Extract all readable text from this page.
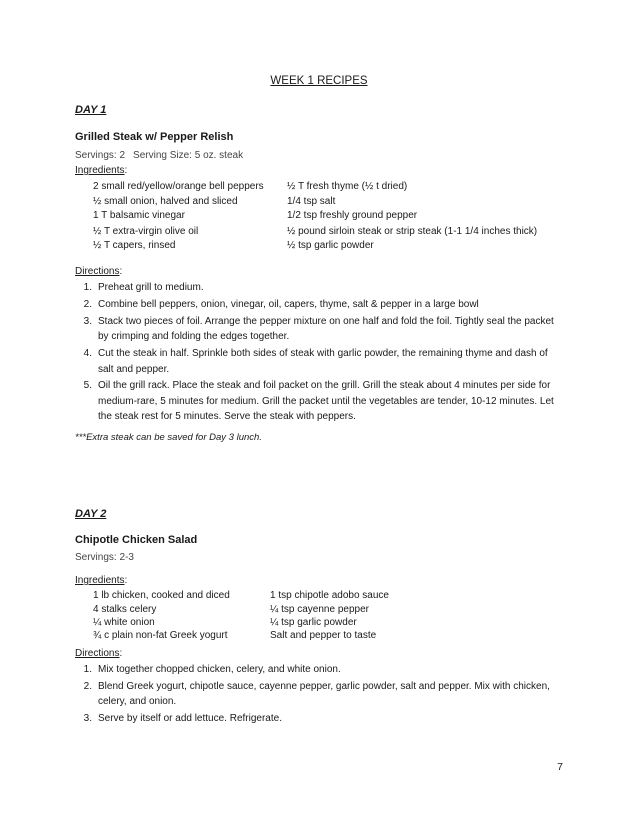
WEEK 1 RECIPES
DAY 1
Grilled Steak w/ Pepper Relish
Servings: 2 Serving Size: 5 oz. steak
Ingredients:
2 small red/yellow/orange bell peppers
½ small onion, halved and sliced
1 T balsamic vinegar
½ T extra-virgin olive oil
½ T capers, rinsed
½ T fresh thyme (½ t dried)
1/4 tsp salt
1/2 tsp freshly ground pepper
½ pound sirloin steak or strip steak (1-1 1/4 inches thick)
½ tsp garlic powder
Directions:
1. Preheat grill to medium.
2. Combine bell peppers, onion, vinegar, oil, capers, thyme, salt & pepper in a large bowl
3. Stack two pieces of foil. Arrange the pepper mixture on one half and fold the foil. Tightly seal the packet by crimping and folding the edges together.
4. Cut the steak in half. Sprinkle both sides of steak with garlic powder, the remaining thyme and dash of salt and pepper.
5. Oil the grill rack. Place the steak and foil packet on the grill. Grill the steak about 4 minutes per side for medium-rare, 5 minutes for medium. Grill the packet until the vegetables are tender, 10-12 minutes. Let the steak rest for 5 minutes. Serve the steak with peppers.
***Extra steak can be saved for Day 3 lunch.
DAY 2
Chipotle Chicken Salad
Servings: 2-3
Ingredients:
1 lb chicken, cooked and diced
4 stalks celery
¼ white onion
¾ c plain non-fat Greek yogurt
1 tsp chipotle adobo sauce
¼ tsp cayenne pepper
¼ tsp garlic powder
Salt and pepper to taste
Directions:
1. Mix together chopped chicken, celery, and white onion.
2. Blend Greek yogurt, chipotle sauce, cayenne pepper, garlic powder, salt and pepper. Mix with chicken, celery, and onion.
3. Serve by itself or add lettuce. Refrigerate.
7
